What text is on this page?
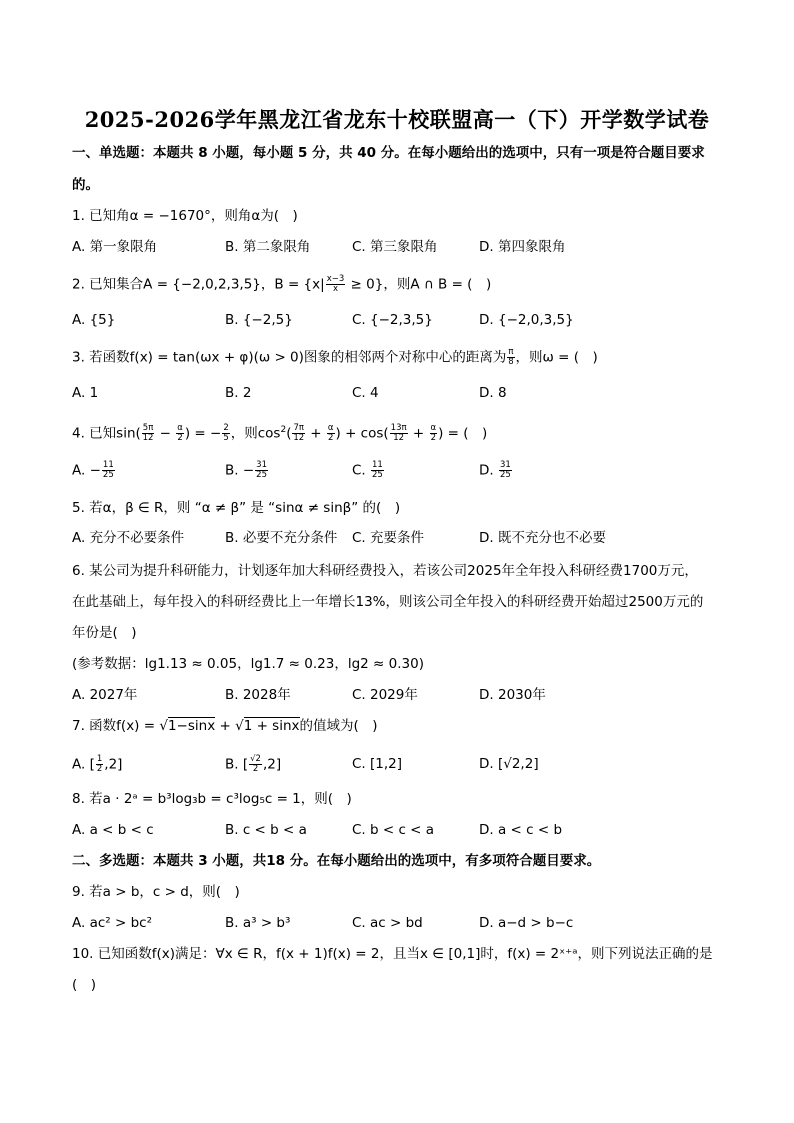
2025-2026学年黑龙江省龙东十校联盟高一（下）开学数学试卷
一、单选题：本题共 8 小题，每小题 5 分，共 40 分。在每小题给出的选项中，只有一项是符合题目要求
的。
1. 已知角α = −1670°，则角α为(　)
A. 第一象限角	B. 第二象限角	C. 第三象限角	D. 第四象限角
2. 已知集合A = {−2,0,2,3,5}，$B = \{x| \frac{x-3}{x} \ge 0\}$，则A ∩ B = (　)
A. {5}	B. {−2,5}	C. {−2,3,5}	D. {−2,0,3,5}
3. 若函数f(x) = tan(ωx + φ)(ω > 0)图象的相邻两个对称中心的距离为 $\frac{\pi}{8}$ ，则ω = (　)
A. 1	B. 2	C. 4	D. 8
4. 已知$\sin( \frac{5\pi}{12} - \frac{\alpha}{2}$ ) = − $\frac{2}{5}$ ，则$\cos^2( \frac{7\pi}{12} + \frac{\alpha}{2}$ ) + $\cos( \frac{13\pi}{12} + \frac{\alpha}{2}$ ) = (　)
A. − $\frac{11}{25}$	B. − $\frac{31}{25}$	C. $\frac{11}{25}$	D. $\frac{31}{25}$
5. 若α，β ∈ R，则 “α ≠ β” 是 “sinα ≠ sinβ” 的(　)
A. 充分不必要条件	B. 必要不充分条件 C. 充要条件	D. 既不充分也不必要
6. 某公司为提升科研能力，计划逐年加大科研经费投入，若该公司2025年全年投入科研经费1700万元，
在此基础上，每年投入的科研经费比上一年增长13%，则该公司全年投入的科研经费开始超过2500万元的
年份是(　)
(参考数据：lg1.13 ≈ 0.05，lg1.7 ≈ 0.23，lg2 ≈ 0.30)
A. 2027年	B. 2028年	C. 2029年	D. 2030年
7. 函数f(x) = √1−sinx + √1 + sinx的值域为(　)
A. [ $\frac{1}{2} ,2$]	B. [ $\frac{√2}{2} ,2$]	C. [1,2]	D. [√2,2]
8. 若a · 2ᵃ = b³log₃b = c³log₅c = 1，则(　)
A. a < b < c	B. c < b < a	C. b < c < a	D. a < c < b
二、多选题：本题共 3 小题，共18 分。在每小题给出的选项中，有多项符合题目要求。
9. 若a > b，c > d，则(　)
A. ac² > bc²	B. a³ > b³	C. ac > bd	D. a−d > b−c
10. 已知函数f(x)满足：∀x ∈ R，f(x + 1)f(x) = 2，且当x ∈ [0,1]时，f(x) = 2ˣ⁺ᵃ，则下列说法正确的是
(　)
